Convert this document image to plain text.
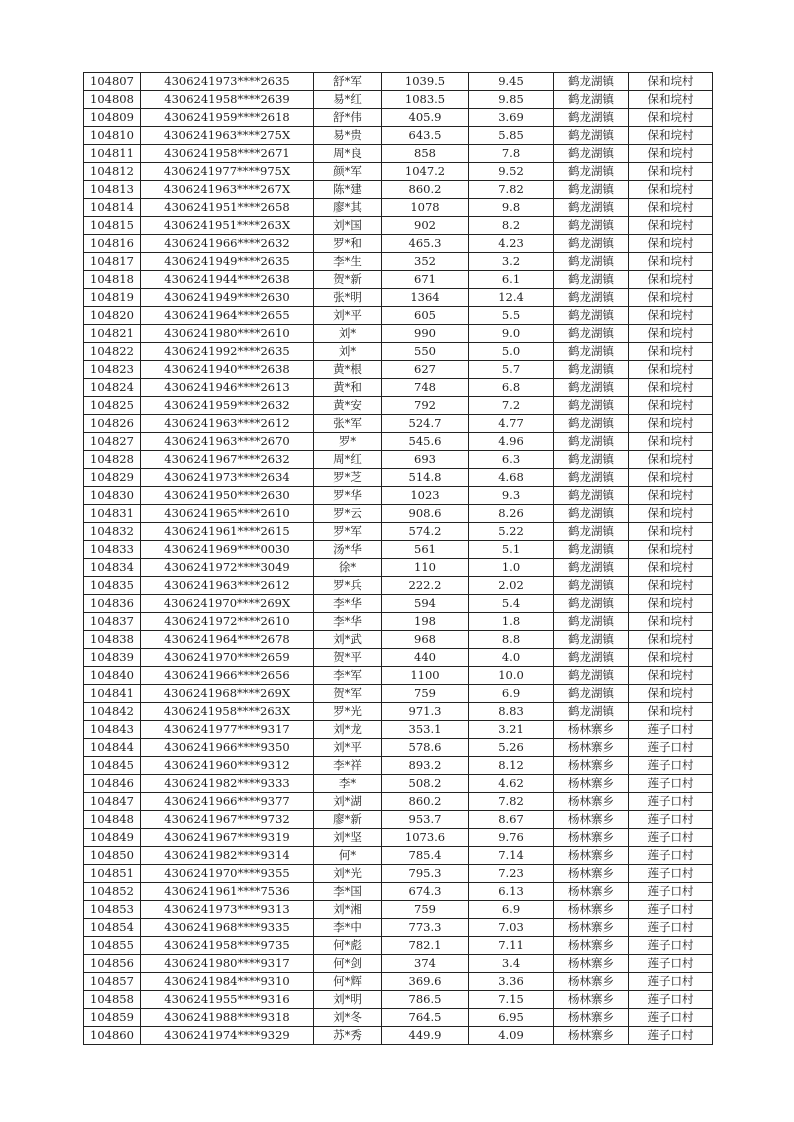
104807	4306241973****2635	舒*军	1039.5	9.45	鹤龙湖镇	保和垸村
104808	4306241958****2639	易*红	1083.5	9.85	鹤龙湖镇	保和垸村
104809	4306241959****2618	舒*伟	405.9	3.69	鹤龙湖镇	保和垸村
104810	4306241963****275X	易*贵	643.5	5.85	鹤龙湖镇	保和垸村
104811	4306241958****2671	周*良	858	7.8	鹤龙湖镇	保和垸村
104812	4306241977****975X	颜*军	1047.2	9.52	鹤龙湖镇	保和垸村
104813	4306241963****267X	陈*建	860.2	7.82	鹤龙湖镇	保和垸村
104814	4306241951****2658	廖*其	1078	9.8	鹤龙湖镇	保和垸村
104815	4306241951****263X	刘*国	902	8.2	鹤龙湖镇	保和垸村
104816	4306241966****2632	罗*和	465.3	4.23	鹤龙湖镇	保和垸村
104817	4306241949****2635	李*生	352	3.2	鹤龙湖镇	保和垸村
104818	4306241944****2638	贺*新	671	6.1	鹤龙湖镇	保和垸村
104819	4306241949****2630	张*明	1364	12.4	鹤龙湖镇	保和垸村
104820	4306241964****2655	刘*平	605	5.5	鹤龙湖镇	保和垸村
104821	4306241980****2610	刘*	990	9.0	鹤龙湖镇	保和垸村
104822	4306241992****2635	刘*	550	5.0	鹤龙湖镇	保和垸村
104823	4306241940****2638	黄*根	627	5.7	鹤龙湖镇	保和垸村
104824	4306241946****2613	黄*和	748	6.8	鹤龙湖镇	保和垸村
104825	4306241959****2632	黄*安	792	7.2	鹤龙湖镇	保和垸村
104826	4306241963****2612	张*军	524.7	4.77	鹤龙湖镇	保和垸村
104827	4306241963****2670	罗*	545.6	4.96	鹤龙湖镇	保和垸村
104828	4306241967****2632	周*红	693	6.3	鹤龙湖镇	保和垸村
104829	4306241973****2634	罗*芝	514.8	4.68	鹤龙湖镇	保和垸村
104830	4306241950****2630	罗*华	1023	9.3	鹤龙湖镇	保和垸村
104831	4306241965****2610	罗*云	908.6	8.26	鹤龙湖镇	保和垸村
104832	4306241961****2615	罗*军	574.2	5.22	鹤龙湖镇	保和垸村
104833	4306241969****0030	汤*华	561	5.1	鹤龙湖镇	保和垸村
104834	4306241972****3049	徐*	110	1.0	鹤龙湖镇	保和垸村
104835	4306241963****2612	罗*兵	222.2	2.02	鹤龙湖镇	保和垸村
104836	4306241970****269X	李*华	594	5.4	鹤龙湖镇	保和垸村
104837	4306241972****2610	李*华	198	1.8	鹤龙湖镇	保和垸村
104838	4306241964****2678	刘*武	968	8.8	鹤龙湖镇	保和垸村
104839	4306241970****2659	贺*平	440	4.0	鹤龙湖镇	保和垸村
104840	4306241966****2656	李*军	1100	10.0	鹤龙湖镇	保和垸村
104841	4306241968****269X	贺*军	759	6.9	鹤龙湖镇	保和垸村
104842	4306241958****263X	罗*光	971.3	8.83	鹤龙湖镇	保和垸村
104843	4306241977****9317	刘*龙	353.1	3.21	杨林寨乡	莲子口村
104844	4306241966****9350	刘*平	578.6	5.26	杨林寨乡	莲子口村
104845	4306241960****9312	李*祥	893.2	8.12	杨林寨乡	莲子口村
104846	4306241982****9333	李*	508.2	4.62	杨林寨乡	莲子口村
104847	4306241966****9377	刘*湖	860.2	7.82	杨林寨乡	莲子口村
104848	4306241967****9732	廖*新	953.7	8.67	杨林寨乡	莲子口村
104849	4306241967****9319	刘*坚	1073.6	9.76	杨林寨乡	莲子口村
104850	4306241982****9314	何*	785.4	7.14	杨林寨乡	莲子口村
104851	4306241970****9355	刘*光	795.3	7.23	杨林寨乡	莲子口村
104852	4306241961****7536	李*国	674.3	6.13	杨林寨乡	莲子口村
104853	4306241973****9313	刘*湘	759	6.9	杨林寨乡	莲子口村
104854	4306241968****9335	李*中	773.3	7.03	杨林寨乡	莲子口村
104855	4306241958****9735	何*彪	782.1	7.11	杨林寨乡	莲子口村
104856	4306241980****9317	何*剑	374	3.4	杨林寨乡	莲子口村
104857	4306241984****9310	何*辉	369.6	3.36	杨林寨乡	莲子口村
104858	4306241955****9316	刘*明	786.5	7.15	杨林寨乡	莲子口村
104859	4306241988****9318	刘*冬	764.5	6.95	杨林寨乡	莲子口村
104860	4306241974****9329	苏*秀	449.9	4.09	杨林寨乡	莲子口村
